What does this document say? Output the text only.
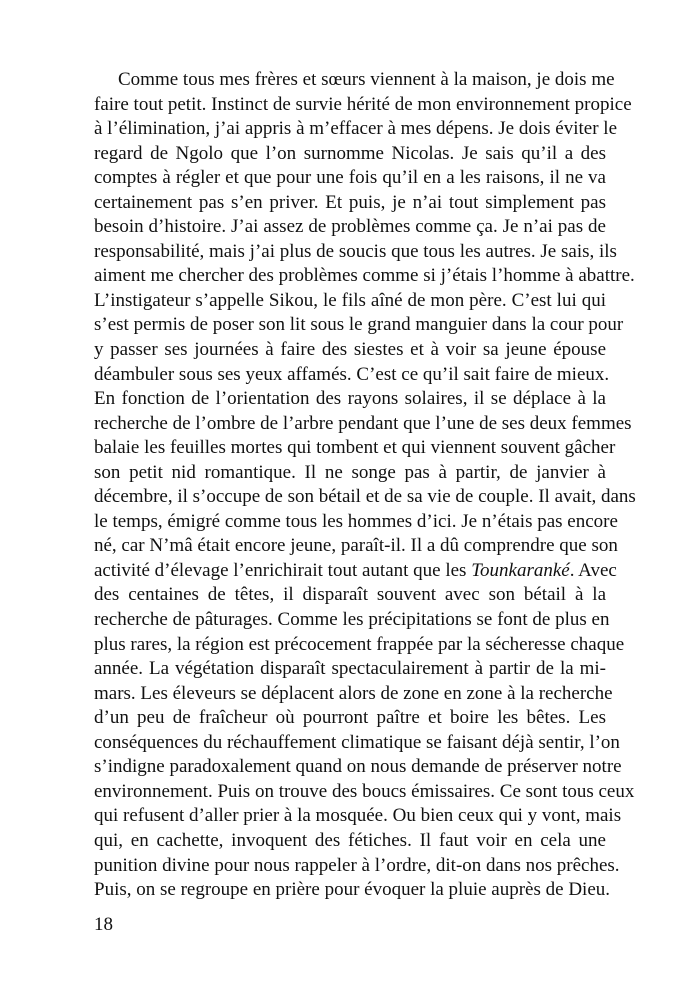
Comme tous mes frères et sœurs viennent à la maison, je dois me
faire tout petit. Instinct de survie hérité de mon environnement propice
à l’élimination, j’ai appris à m’effacer à mes dépens. Je dois éviter le
regard de Ngolo que l’on surnomme Nicolas. Je sais qu’il a des
comptes à régler et que pour une fois qu’il en a les raisons, il ne va
certainement pas s’en priver. Et puis, je n’ai tout simplement pas
besoin d’histoire. J’ai assez de problèmes comme ça. Je n’ai pas de
responsabilité, mais j’ai plus de soucis que tous les autres. Je sais, ils
aiment me chercher des problèmes comme si j’étais l’homme à abattre.
L’instigateur s’appelle Sikou, le fils aîné de mon père. C’est lui qui
s’est permis de poser son lit sous le grand manguier dans la cour pour
y passer ses journées à faire des siestes et à voir sa jeune épouse
déambuler sous ses yeux affamés. C’est ce qu’il sait faire de mieux.
En fonction de l’orientation des rayons solaires, il se déplace à la
recherche de l’ombre de l’arbre pendant que l’une de ses deux femmes
balaie les feuilles mortes qui tombent et qui viennent souvent gâcher
son petit nid romantique. Il ne songe pas à partir, de janvier à
décembre, il s’occupe de son bétail et de sa vie de couple. Il avait, dans
le temps, émigré comme tous les hommes d’ici. Je n’étais pas encore
né, car N’mâ était encore jeune, paraît-il. Il a dû comprendre que son
activité d’élevage l’enrichirait tout autant que les Tounkaranké. Avec
des centaines de têtes, il disparaît souvent avec son bétail à la
recherche de pâturages. Comme les précipitations se font de plus en
plus rares, la région est précocement frappée par la sécheresse chaque
année. La végétation disparaît spectaculairement à partir de la mi-
mars. Les éleveurs se déplacent alors de zone en zone à la recherche
d’un peu de fraîcheur où pourront paître et boire les bêtes. Les
conséquences du réchauffement climatique se faisant déjà sentir, l’on
s’indigne paradoxalement quand on nous demande de préserver notre
environnement. Puis on trouve des boucs émissaires. Ce sont tous ceux
qui refusent d’aller prier à la mosquée. Ou bien ceux qui y vont, mais
qui, en cachette, invoquent des fétiches. Il faut voir en cela une
punition divine pour nous rappeler à l’ordre, dit-on dans nos prêches.
Puis, on se regroupe en prière pour évoquer la pluie auprès de Dieu.
18
